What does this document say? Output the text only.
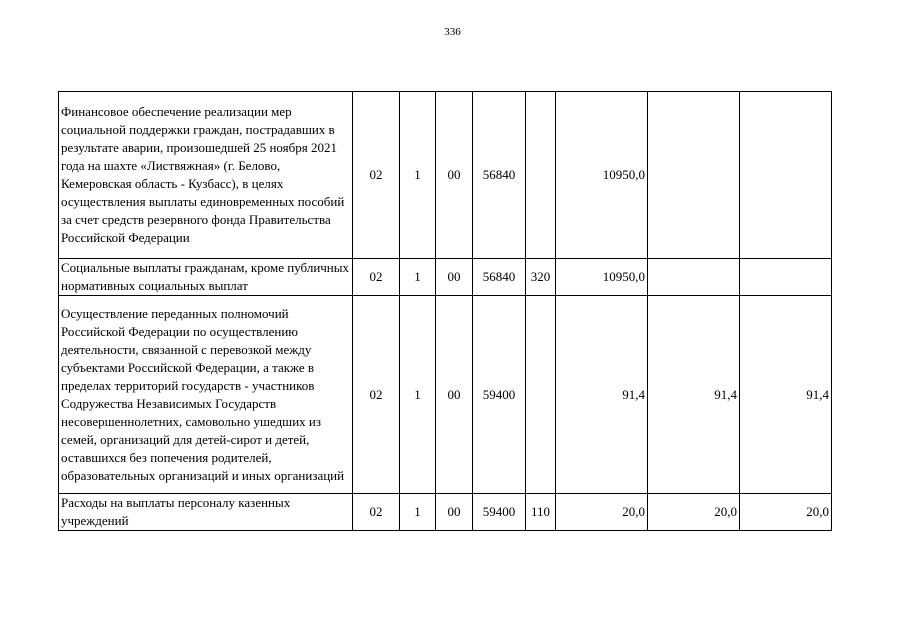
336
Финансовое обеспечение реализации мер социальной поддержки граждан, пострадавших в результате аварии, произошедшей 25 ноября 2021 года на шахте «Листвяжная» (г. Белово, Кемеровская область - Кузбасс), в целях осуществления выплаты единовременных пособий за счет средств резервного фонда Правительства Российской Федерации	02	1	00	56840		10950,0		
Социальные выплаты гражданам, кроме публичных нормативных социальных выплат	02	1	00	56840	320	10950,0		
Осуществление переданных полномочий Российской Федерации по осуществлению деятельности, связанной с перевозкой между субъектами Российской Федерации, а также в пределах территорий государств - участников Содружества Независимых Государств несовершеннолетних, самовольно ушедших из семей, организаций для детей-сирот и детей, оставшихся без попечения родителей, образовательных организаций и иных организаций	02	1	00	59400		91,4	91,4	91,4
Расходы на выплаты персоналу казенных учреждений	02	1	00	59400	110	20,0	20,0	20,0
